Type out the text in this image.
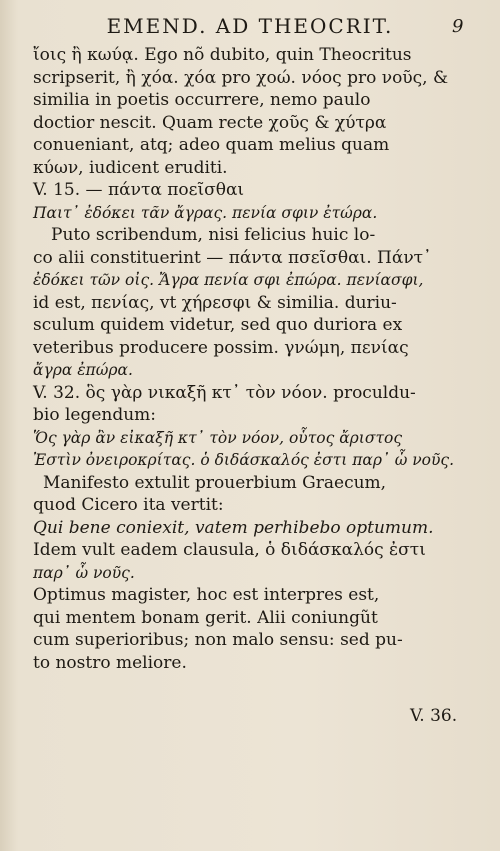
EMEND. AD THEOCRIT.	9
ἴοις ἢ κωύᾳ. Ego nõ dubito, quin Theocritus
scripserit, ἢ χόα. χόα pro χοώ. νόος pro νοῦς, &
similia in poetis occurrere, nemo paulo
doctior nescit. Quam recte χοῦς & χύτρα
conueniant, atq; adeo quam melius quam
κύων, iudicent eruditi.
V. 15. — πάντα ποεῖσθαι
Παιτ᾽ ἐδόκει τᾶν ἄγρας. πενία σφιν ἐτώρα.
Puto scribendum, nisi felicius huic lo-
co alii constituerint — πάντα πσεῖσθαι. Πάντ᾽
ἐδόκει τῶν οἰς. Ἄγρα πενία σφι ἐπώρα. πενίασφι,
id est, πενίας, vt χήρεσφι & similia. duriu-
sculum quidem videtur, sed quo duriora ex
veteribus producere possim. γνώμη, πενίας
ἄγρα ἐπώρα.
V. 32. ὃς γὰρ νικαξῆ κτ᾽ τὸν νόον. proculdu-
bio legendum:
Ὅς γὰρ ἂν εἰκαξῆ κτ᾽ τὸν νόον, οὗτος ἄριστος
Ἐστὶν ὀνειροκρίτας. ὁ διδάσκαλός ἐστι παρ᾽ ὧ νοῦς.
Manifesto extulit prouerbium Graecum,
quod Cicero ita vertit:
Qui bene coniexit, vatem perhibebo optumum.
Idem vult eadem clausula, ὁ διδάσκαλός ἐστι
παρ᾽ ὧ νοῦς.
Optimus magister, hoc est interpres est,
qui mentem bonam gerit. Alii coniungũt
cum superioribus; non malo sensu: sed pu-
to nostro meliore.
V. 36.
